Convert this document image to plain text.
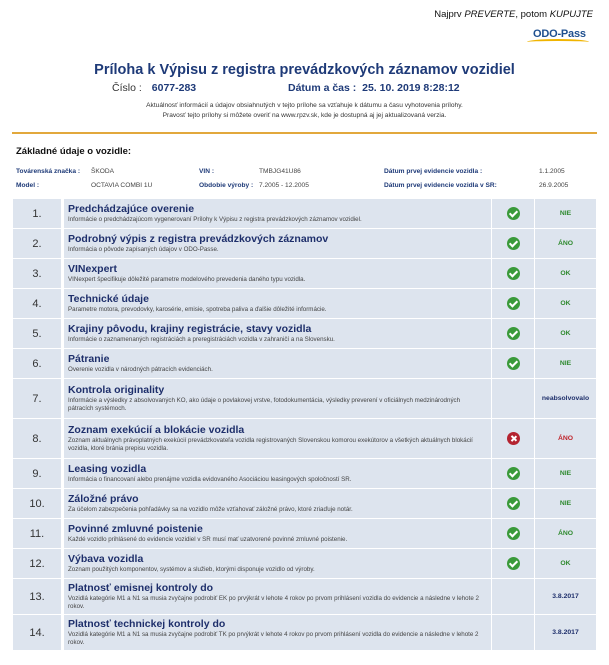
Najprv PREVERTE, potom KUPUJTE
ODO-Pass
Príloha k Výpisu z registra prevádzkových záznamov vozidiel
Číslo : 6077-283	Dátum a čas : 25. 10. 2019 8:28:12
Aktuálnosť informácií a údajov obsiahnutých v tejto prílohe sa vzťahuje k dátumu a času vyhotovenia prílohy.
Pravosť tejto prílohy si môžete overiť na www.rpzv.sk, kde je dostupná aj jej aktualizovaná verzia.
Základné údaje o vozidle:
Továrenská značka : ŠKODA	VIN :	TMBJG41U86	Dátum prvej evidencie vozidla :	1.1.2005
Model :	OCTAVIA COMBI 1U	Obdobie výroby : 7.2005 - 12.2005	Dátum prvej evidencie vozidla v SR:	26.9.2005
1.	Predchádzajúce overenie
Informácie o predchádzajúcom vygenerovaní Prílohy k Výpisu z registra prevádzkových záznamov vozidiel.		NIE
2.	Podrobný výpis z registra prevádzkových záznamov
Informácia o pôvode zapísaných údajov v ODO-Passe.		ÁNO
3.	VINexpert
VINexpert špecifikuje dôležité parametre modelového prevedenia daného typu vozidla.		OK
4.	Technické údaje
Parametre motora, prevodovky, karosérie, emisie, spotreba paliva a ďalšie dôležité informácie.		OK
5.	Krajiny pôvodu, krajiny registrácie, stavy vozidla
Informácie o zaznamenaných registráciách a preregistráciách vozidla v zahraničí a na Slovensku.		OK
6.	Pátranie
Overenie vozidla v národných pátracích evidenciách.		NIE
7.	Kontrola originality
Informácie a výsledky z absolvovaných KO, ako údaje o povlakovej vrstve, fotodokumentácia, výsledky preverení v oficiálnych medzinárodných pátracích systémoch.		neabsolvovalo
8.	Zoznam exekúcií a blokácie vozidla
Zoznam aktuálnych právoplatných exekúcií prevádzkovateľa vozidla registrovaných Slovenskou komorou exekútorov a všetkých aktuálnych blokácií vozidla, ktoré bránia prepisu vozidla.		ÁNO
9.	Leasing vozidla
Informácia o financovaní alebo prenájme vozidla evidovaného Asociáciou leasingových spoločností SR.		NIE
10.	Záložné právo
Za účelom zabezpečenia pohľadávky sa na vozidlo môže vzťahovať záložné právo, ktoré zriaďuje notár.		NIE
11.	Povinné zmluvné poistenie
Každé vozidlo prihlásené do evidencie vozidiel v SR musí mať uzatvorené povinné zmluvné poistenie.		ÁNO
12.	Výbava vozidla
Zoznam použitých komponentov, systémov a služieb, ktorými disponuje vozidlo od výroby.		OK
13.	Platnosť emisnej kontroly do
Vozidlá kategórie M1 a N1 sa musia zvyčajne podrobiť EK po prvýkrát v lehote 4 rokov po prvom prihlásení vozidla do evidencie a následne v lehote 2 rokov.		3.8.2017
14.	Platnosť technickej kontroly do
Vozidlá kategórie M1 a N1 sa musia zvyčajne podrobiť TK po prvýkrát v lehote 4 rokov po prvom prihlásení vozidla do evidencie a následne v lehote 2 rokov.		3.8.2017
